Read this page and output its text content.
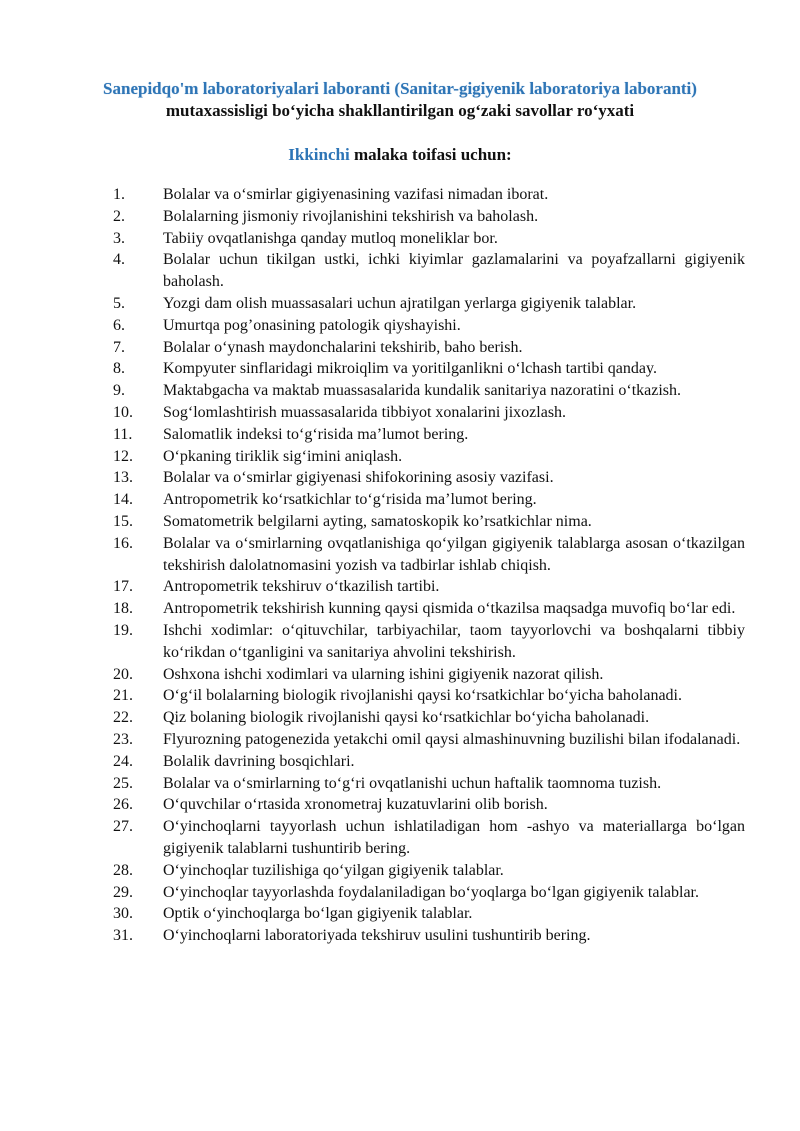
Sanepidqo'm laboratoriyalari laboranti (Sanitar-gigiyenik laboratoriya laboranti)
mutaxassisligi bo‘yicha shakllantirilgan og‘zaki savollar ro‘yxati
Ikkinchi malaka toifasi uchun:
1.	Bolalar va o‘smirlar gigiyenasining vazifasi nimadan iborat.
2.	Bolalarning jismoniy rivojlanishini tekshirish va baholash.
3.	Tabiiy ovqatlanishga qanday mutloq moneliklar bor.
4.	Bolalar uchun tikilgan ustki, ichki kiyimlar gazlamalarini va poyafzallarni gigiyenik baholash.
5.	Yozgi dam olish muassasalari uchun ajratilgan yerlarga gigiyenik talablar.
6.	Umurtqa pog’onasining patologik qiyshayishi.
7.	Bolalar o‘ynash maydonchalarini tekshirib, baho berish.
8.	Kompyuter sinflaridagi mikroiqlim va yoritilganlikni o‘lchash tartibi qanday.
9.	Maktabgacha va maktab muassasalarida kundalik sanitariya nazoratini o‘tkazish.
10.	Sog‘lomlashtirish muassasalarida tibbiyot xonalarini jixozlash.
11.	Salomatlik indeksi to‘g‘risida ma’lumot bering.
12.	O‘pkaning tiriklik sig‘imini aniqlash.
13.	Bolalar va o‘smirlar gigiyenasi shifokorining asosiy vazifasi.
14.	Antropometrik ko‘rsatkichlar to‘g‘risida ma’lumot bering.
15.	Somatometrik belgilarni ayting, samatoskopik ko’rsatkichlar nima.
16.	Bolalar va o‘smirlarning ovqatlanishiga qo‘yilgan gigiyenik talablarga asosan o‘tkazilgan tekshirish dalolatnomasini yozish va tadbirlar ishlab chiqish.
17.	Antropometrik tekshiruv o‘tkazilish tartibi.
18.	Antropometrik tekshirish kunning qaysi qismida o‘tkazilsa maqsadga muvofiq bo‘lar edi.
19.	Ishchi xodimlar: o‘qituvchilar, tarbiyachilar, taom tayyorlovchi va boshqalarni tibbiy ko‘rikdan o‘tganligini va sanitariya ahvolini tekshirish.
20.	Oshxona ishchi xodimlari va ularning ishini gigiyenik nazorat qilish.
21.	O‘g‘il bolalarning biologik rivojlanishi qaysi ko‘rsatkichlar bo‘yicha baholanadi.
22.	Qiz bolaning biologik rivojlanishi qaysi ko‘rsatkichlar bo‘yicha baholanadi.
23.	Flyurozning patogenezida yetakchi omil qaysi almashinuvning buzilishi bilan ifodalanadi.
24.	Bolalik davrining bosqichlari.
25.	Bolalar va o‘smirlarning to‘g‘ri ovqatlanishi uchun haftalik taomnoma tuzish.
26.	O‘quvchilar o‘rtasida xronometraj kuzatuvlarini olib borish.
27.	O‘yinchoqlarni tayyorlash uchun ishlatiladigan hom -ashyo va materiallarga bo‘lgan gigiyenik talablarni tushuntirib bering.
28.	O‘yinchoqlar tuzilishiga qo‘yilgan gigiyenik talablar.
29.	O‘yinchoqlar tayyorlashda foydalaniladigan bo‘yoqlarga bo‘lgan gigiyenik talablar.
30.	Optik o‘yinchoqlarga bo‘lgan gigiyenik talablar.
31.	O‘yinchoqlarni laboratoriyada tekshiruv usulini tushuntirib bering.
